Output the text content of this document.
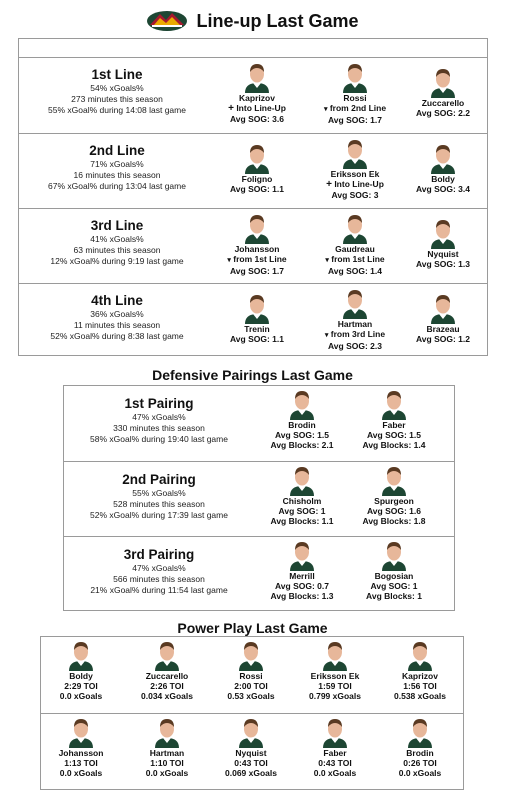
Line-up Last Game
1st Line
54% xGoals%
273 minutes this season
55% xGoal% during 14:08 last game
Kaprizov
+ Into Line-Up
Avg SOG: 3.6
Rossi
▾ from 2nd Line
Avg SOG: 1.7
Zuccarello
Avg SOG: 2.2
2nd Line
71% xGoals%
16 minutes this season
67% xGoal% during 13:04 last game
Foligno
Avg SOG: 1.1
Eriksson Ek
+ Into Line-Up
Avg SOG: 3
Boldy
Avg SOG: 3.4
3rd Line
41% xGoals%
63 minutes this season
12% xGoal% during 9:19 last game
Johansson
▾ from 1st Line
Avg SOG: 1.7
Gaudreau
▾ from 1st Line
Avg SOG: 1.4
Nyquist
Avg SOG: 1.3
4th Line
36% xGoals%
11 minutes this season
52% xGoal% during 8:38 last game
Trenin
Avg SOG: 1.1
Hartman
▾ from 3rd Line
Avg SOG: 2.3
Brazeau
Avg SOG: 1.2
Defensive Pairings Last Game
1st Pairing
47% xGoals%
330 minutes this season
58% xGoal% during 19:40 last game
Brodin
Avg SOG: 1.5
Avg Blocks: 2.1
Faber
Avg SOG: 1.5
Avg Blocks: 1.4
2nd Pairing
55% xGoals%
528 minutes this season
52% xGoal% during 17:39 last game
Chisholm
Avg SOG: 1
Avg Blocks: 1.1
Spurgeon
Avg SOG: 1.6
Avg Blocks: 1.8
3rd Pairing
47% xGoals%
566 minutes this season
21% xGoal% during 11:54 last game
Merrill
Avg SOG: 0.7
Avg Blocks: 1.3
Bogosian
Avg SOG: 1
Avg Blocks: 1
Power Play Last Game
Boldy
2:29 TOI
0.0 xGoals
Zuccarello
2:26 TOI
0.034 xGoals
Rossi
2:00 TOI
0.53 xGoals
Eriksson Ek
1:59 TOI
0.799 xGoals
Kaprizov
1:56 TOI
0.538 xGoals
Johansson
1:13 TOI
0.0 xGoals
Hartman
1:10 TOI
0.0 xGoals
Nyquist
0:43 TOI
0.069 xGoals
Faber
0:43 TOI
0.0 xGoals
Brodin
0:26 TOI
0.0 xGoals
